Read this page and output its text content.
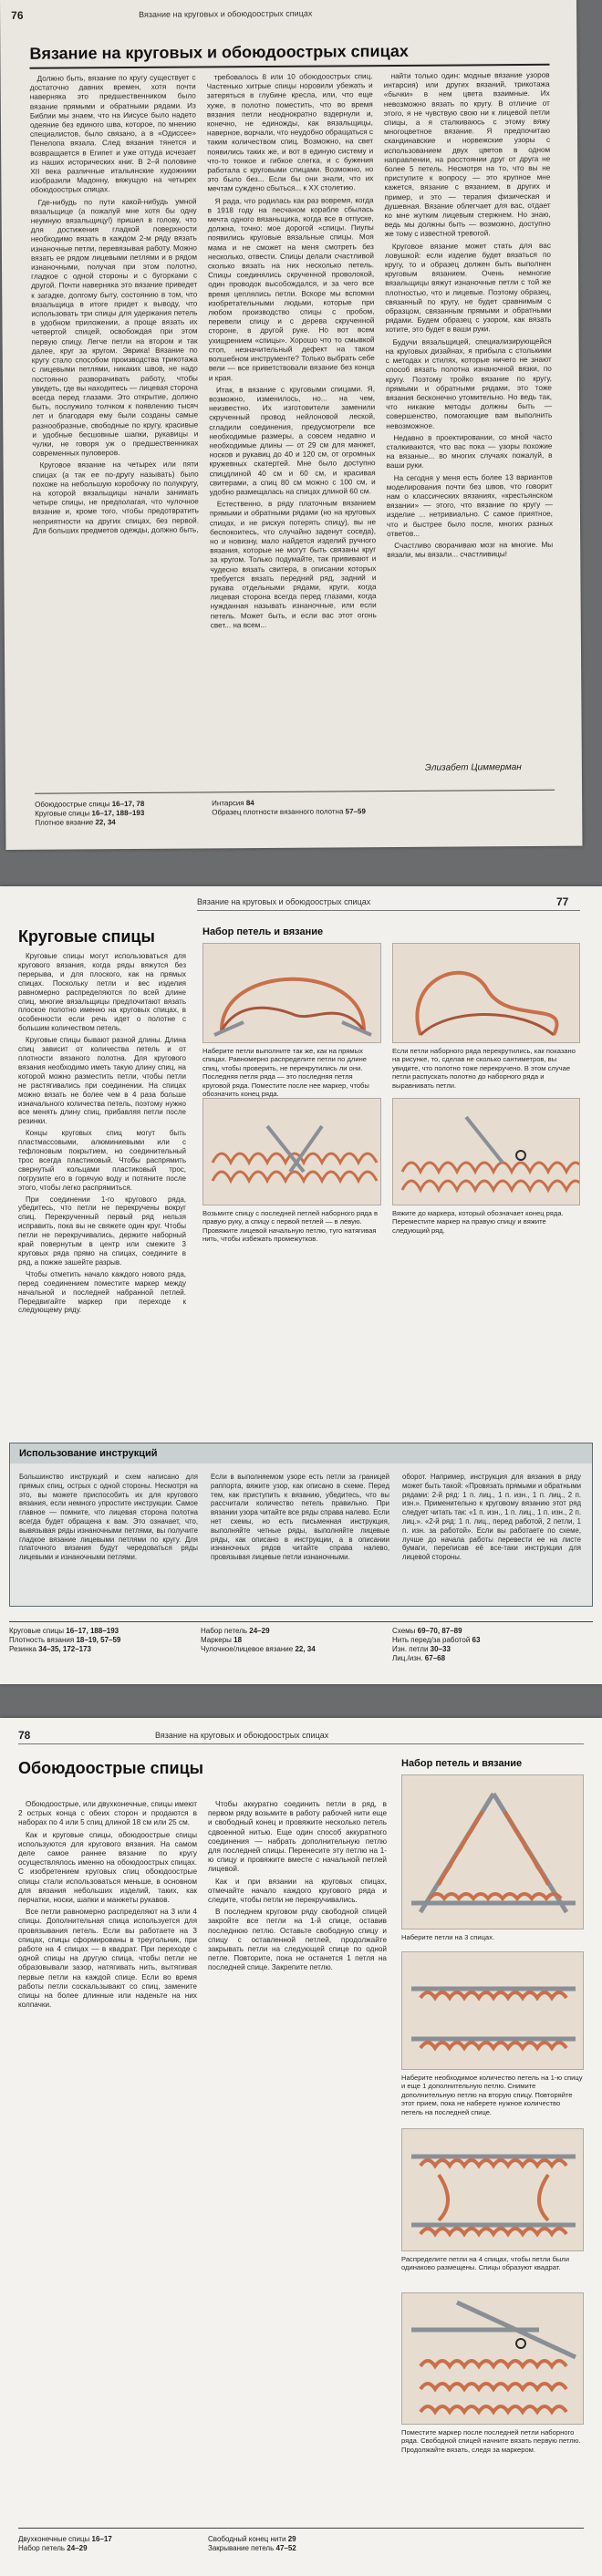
76	Вязание на круговых и обоюдоострых спицах
Вязание на круговых и обоюдоострых спицах

Должно быть, вязание по кругу существует с достаточно давних времен, хотя почти наверняка это предшественником было вязание прямыми и обратными рядами. Из Библии мы знаем, что на Иисусе было надето одеяние без единого шва, которое, по мнению специалистов, было связано, а в «Одиссее» Пенелопа вязала. След вязания тянется и возвращается в Египет и уже оттуда исчезает из наших исторических книг. В 2–й половине XII века различные итальянские художники изобразили Мадонну, вяжущую на четырех обоюдоострых спицах.

Где-нибудь по пути какой-нибудь умной вязальщице (а пожалуй мне хотя бы одну неумную вязальщицу!) пришел в голову, что для достижения гладкой поверхности необходимо вязать в каждом 2-м ряду вязать изнаночные петли, перевязывая работу. Можно вязать ее рядом лицевыми петлями и в рядом изнаночными, получая при этом полотно, гладкое с одной стороны и с бугорками с другой. Почти наверняка это вязание приведет к загадке, долгому быту, состоянию в том, что вязальщица в итоге придет к выводу, что использовать три спицы для удержания петель в удобном приложении, а проще вязать их четвертой спицей, освобождая при этом первую спицу. Легче петли на втором и так далее, круг за кругом. Эврика! Вязание по кругу стало способом производства трикотажа с лицевыми петлями, никаких швов, не надо постоянно разворачивать работу, чтобы увидеть, где вы находитесь — лицевая сторона всегда перед глазами. Это открытие, должно быть, послужило толчком к появлению тысяч лет и благодаря ему были созданы самые разнообразные, свободные по кругу, красивые и удобные бесшовные шапки, рукавицы и чулки, не говоря уж о предшественниках современных пуловеров.

Круговое вязание на четырех или пяти спицах (а так ее по-другу называть) было похоже на небольшую коробочку по полукругу, на которой вязальщицы начали занимать четыре спицы, не предполагая, что чулочное вязание и, кроме того, чтобы предотвратить неприятности на других спицах, без первой. Для больших предметов одежды, должно быть,

требовалось 8 или 10 обоюдоострых спиц. Частенько хитрые спицы норовили убежать и затеряться в глубине кресла, или, что еще хуже, в полотно поместить, что во время вязания петли неоднократно вздернули и, конечно, не единожды, как вязальщицы, наверное, ворчали, что неудобно обращаться с таким количеством спиц. Возможно, на свет появились таких же, и вот в единую систему и что-то тонкое и гибкое слегка, и с бужения работала с круговыми спицами. Возможно, но это было без... Если бы они знали, что их мечтам суждено сбыться... к XX столетию.

Я рада, что родилась как раз вовремя, когда в 1918 году на песчаном корабле сбылась мечта одного вязаньщика, когда все в отпуске, должна, точно: мое дорогой «спицы. Пиупы появились круговые вязальные спицы. Моя мама и не сможет на меня смотреть без несколько, отвести. Спицы делали счастливой сколько вязать на них несколько петель. Спицы соединялись скрученной проволокой, один проводок высобождался, и за чего все время цеплялись петли. Вскоре мы вспомни изобретательными людьми, которые при любом производство спицы с пробом, перевели спицу и с дерева скрученной стороне, в другой руке. Но вот всем ухищрением «спицы». Хорошо что то смывкой стоп, незначительный дефект на таком волшебном инструменте? Только выбрать себе вели — все приветствовали вязание без конца и края.

Итак, в вязание с круговыми спицами. Я, возможно, изменилось, но... на чем, неизвестно. Их изготовители заменили скрученный провод нейлоновой леской, сгладили соединения, предусмотрели все необходимые размеры, а совсем недавно и необходимые длины — от 29 см для манжет, носков и рукавиц до 40 и 120 см, от огромных кружевных скатертей. Мне было доступно спицдлиной 40 см и 60 см, и красивая свитерами, а спиц 80 см можно с 100 см, и удобно размещалась на спицах длиной 60 см.

Естественно, в ряду платочным вязанием прямыми и обратными рядами (но на круговых спицах, и не рискуя потерять спицу), вы не беспокоитесь, что случайно заденут соседа), но и новизну, мало найдется изделий ручного вязания, которые не могут быть связаны круг за кругом. Только подумайте, так прививают и чудесно вязать свитера, в описании которых требуется вязать передний ряд, задний и рукава отдельными рядами, круги, когда лицевая сторона всегда перед глазами, когда нужданная называть изнаночные, или если петель. Может быть, и если вас этот огонь свет... на всем...

найти только один: модные вязание узоров интарсия) или других вязаний, трикотажа «бычки» в нем цвета взаимные. Их невозможно вязать по кругу. В отличие от этого, я не чувствую свою ни к лицевой петли спицы, а я сталкиваюсь с этому вяжу многоцветное вязание. Я предпочитаю скандинавские и норвежские узоры с использованием двух цветов в одном направлении, на расстоянии друг от друга не более 5 петель. Несмотря на то, что вы не приступите к вопросу — это крупное мне кажется, вязание с вязанием, в других и пример, и это — терапия физическая и душевная. Вязание облегчает для вас, отдает ко мне жутким лицевым стержнем. Но знаю, ведь мы должны быть — возможно, доступно же тому с известной тревогой.

Круговое вязание может стать для вас ловушкой: если изделие будет вязаться по кругу, то и образец должен быть выполнен круговым вязанием. Очень немногие вязальщицы вяжут изнаночные петли с той же плотностью, что и лицевые. Поэтому образец, связанный по кругу, не будет сравнимым с образцом, связанным прямыми и обратными рядами. Будем образец с узором, как вязать хотите, это будет в ваши руки.

Будучи вязальщицей, специализирующейся на круговых дизайнах, я прибыла с столькими с методах и стилях, которые ничего не знают способ вязать полотна изнаночной вязки, по кругу. Поэтому тройко вязание по кругу, прямыми и обратными рядами, это тоже вязания бесконечно утомительно. Но ведь так, что никакие методы должны быть — совершенство, помогающие вам выполнить невозможное.

Недавно в проектировании, со мной часто сталкиваются, что вас пока — узоры похожие на вязаные... во многих случаях пожалуй, в ваши руки.

На сегодня у меня есть более 13 вариантов моделирования почти без швов, что говорит нам о классических вязаниях, «крестьянском вязании» — этого, что вязание по кругу — изделие ... нетривиально. С самое приятное, что и быстрее было после, многих разных ответов...

Счастливо сворачиваю мозг на многие. Мы вязали, мы вязали... счастливицы!

Элизабет Циммерман
Обоюдоострые спицы 16–17, 78
Круговые спицы 16–17, 188–193
Плотное вязание 22, 34
Интарсия 84
Образец плотности вязанного полотна 57–59
Вязание на круговых и обоюдоострых спицах	77
Круговые спицы

Круговые спицы могут использоваться для кругового вязания, когда ряды вяжутся без перерыва, и для плоского, как на прямых спицах. Поскольку петли и вес изделия равномерно распределяются по всей длине спиц, многие вязальщицы предпочитают вязать плоское полотно именно на круговых спицах, в особенности если речь идет о полотне с большим количеством петель.

Круговые спицы бывают разной длины. Длина спиц зависит от количества петель и от плотности вязаного полотна. Для кругового вязания необходимо иметь такую длину спиц, на которой можно разместить петли, чтобы петли не растягивались при соединении. На спицах можно вязать не более чем в 4 раза больше изначального количества петель, поэтому нужно все менять длину спиц, прибавляя петли после резинки.

Концы круговых спиц могут быть пластмассовыми, алюминиевыми или с тефлоновым покрытием, но соединительный трос всегда пластиковый. Чтобы распрямить свернутый кольцами пластиковый трос, погрузите его в горячую воду и потяните после этого, чтобы легко распрямиться.

При соединении 1-го кругового ряда, убедитесь, что петли не перекручены вокруг спиц. Перекрученный первый ряд нельзя исправить, пока вы не свяжете один круг. Чтобы петли не перекручивались, держите наборный край повернутым в центр или смежите 3 круговых ряда прямо на спицах, соедините в ряд, а пожже зашейте разрыв.

Чтобы отметить начало каждого нового ряда, перед соединением поместите маркер между начальной и последней набранной петлей. Передвигайте маркер при переходе к следующему ряду.

Набор петель и вязание
Наберите петли выполните так же, как на прямых спицах. Равномерно распределите петли по длине спиц, чтобы проверить, не перекрутились ли они. Последняя петля ряда — это последняя петля круговой ряда. Поместите после нее маркер, чтобы обозначить конец ряда.
Если петли наборного ряда перекрутились, как показано на рисунке, то, сделав не сколько сантиметров, вы увидите, что полотно тоже перекручено. В этом случае петли распускать полотно до наборного ряда и выравнивать петли.
Возьмите спицу с последней петлей наборного ряда в правую руку, а спицу с первой петлей — в левую. Провяжите лицевой начальную петлю, туго натягивая нить, чтобы избежать промежутков.
Вяжите до маркера, который обозначает конец ряда. Переместите маркер на правую спицу и вяжите следующий ряд.
Использование инструкций
Большинство инструкций и схем написано для прямых спиц, острых с одной стороны. Несмотря на это, вы можете приспособить их для кругового вязания, если немного упростите инструкции. Самое главное — помните, что лицевая сторона полотна всегда будет обращена к вам. Это означает, что, вывязывая ряды изнаночными петлями, вы получите гладкое вязание лицевыми петлями по кругу. Для платочного вязания будут чередоваться ряды лицевыми и изнаночными петлями.
Если в выполняемом узоре есть петли за границей раппорта, вяжите узор, как описано в схеме. Перед тем, как приступить к вязанию, убедитесь, что вы рассчитали количество петель правильно. При вязании узора читайте все ряды справа налево. Если нет схемы, но есть письменная инструкция, выполняйте четные ряды, выполняйте лицевые ряды, как описано в инструкции, а в описании изнаночных рядов читайте справа налево, провязывая лицевые петли изнаночными.
оборот. Например, инструкция для вязания в ряду может быть такой: «Провязать прямыми и обратными рядами: 2-й ряд: 1 п. лиц., 1 п. изн., 1 п. лиц., 2 п. изн.». Применительно к круговому вязанию этот ряд следует читать так: «1 п. изн., 1 п. лиц., 1 п. изн., 2 п. лиц.». «2-й ряд: 1 п. лиц., перед работой, 2 петли, 1 п. изн. за работой». Если вы работаете по схеме, лучше до начала работы перевести ее на листе бумаги, переписав её все-таки инструкции для лицевой стороны.
Круговые спицы 16–17, 188–193
Плотность вязания 18–19, 57–59
Резинка 34–35, 172–173
Набор петель 24–29
Маркеры 18
Чулочное/лицевое вязание 22, 34
Схемы 69–70, 87–89
Нить перед/за работой 63
Изн. петли 30–33
Лиц./изн. 67–68
78	Вязание на круговых и обоюдоострых спицах
Обоюдоострые спицы

Обоюдоострые, или двухконечные, спицы имеют 2 острых конца с обеих сторон и продаются в наборах по 4 или 5 спиц длиной 18 см или 25 см.

Как и круговые спицы, обоюдоострые спицы используются для кругового вязания. На самом деле самое раннее вязание по кругу осуществлялось именно на обоюдоострых спицах. С изобретением круговых спиц обоюдоострые спицы стали использоваться меньше, в основном для вязания небольших изделий, таких, как перчатки, носки, шапки и манжеты рукавов.

Все петли равномерно распределяют на 3 или 4 спицы. Дополнительная спица используется для провязывания петель. Если вы работаете на 3 спицах, спицы сформированы в треугольник, при работе на 4 спицах — в квадрат. При переходе с одной спицы на другую спица, чтобы петли не образовывали зазор, натягивать нить, вытягивая первые петли на каждой спице. Если во время работы петли соскальзывают со спиц, замените спицы на более длинные или наденьте на них колпачки.

Чтобы аккуратно соединить петли в ряд, в первом ряду возьмите в работу рабочей нити еще и свободный конец и провяжите несколько петель сдвоенной нитью. Еще один способ аккуратного соединения — набрать дополнительную петлю для последней спицы. Перенесите эту петлю на 1-ю спицу и провяжите вместе с начальной петлей лицевой.

Как и при вязании на круговых спицах, отмечайте начало каждого кругового ряда и следите, чтобы петли не перекручивались.

В последнем круговом ряду свободной спицей закройте все петли на 1-й спице, оставив последнюю петлю. Оставьте свободную спицу и спицу с оставленной петлей, продолжайте закрывать петли на следующей спице по одной петле. Повторите, пока не останется 1 петля на последней спице. Закрепите петлю.

Набор петель и вязание
Наберите петли на 3 спицах.
Наберите необходимое количество петель на 1-ю спицу и еще 1 дополнительную петлю. Снимите дополнительную петлю на вторую спицу. Повторяйте этот прием, пока не наберете нужное количество петель на последней спице.
Распределите петли на 4 спицах, чтобы петли были одинаково размещены. Спицы образуют квадрат.
Поместите маркер после последней петли наборного ряда. Свободной спицей начните вязать первую петлю. Продолжайте вязать, следя за маркером.
Двухконечные спицы 16–17
Набор петель 24–29
Свободный конец нити 29
Закрывание петель 47–52
